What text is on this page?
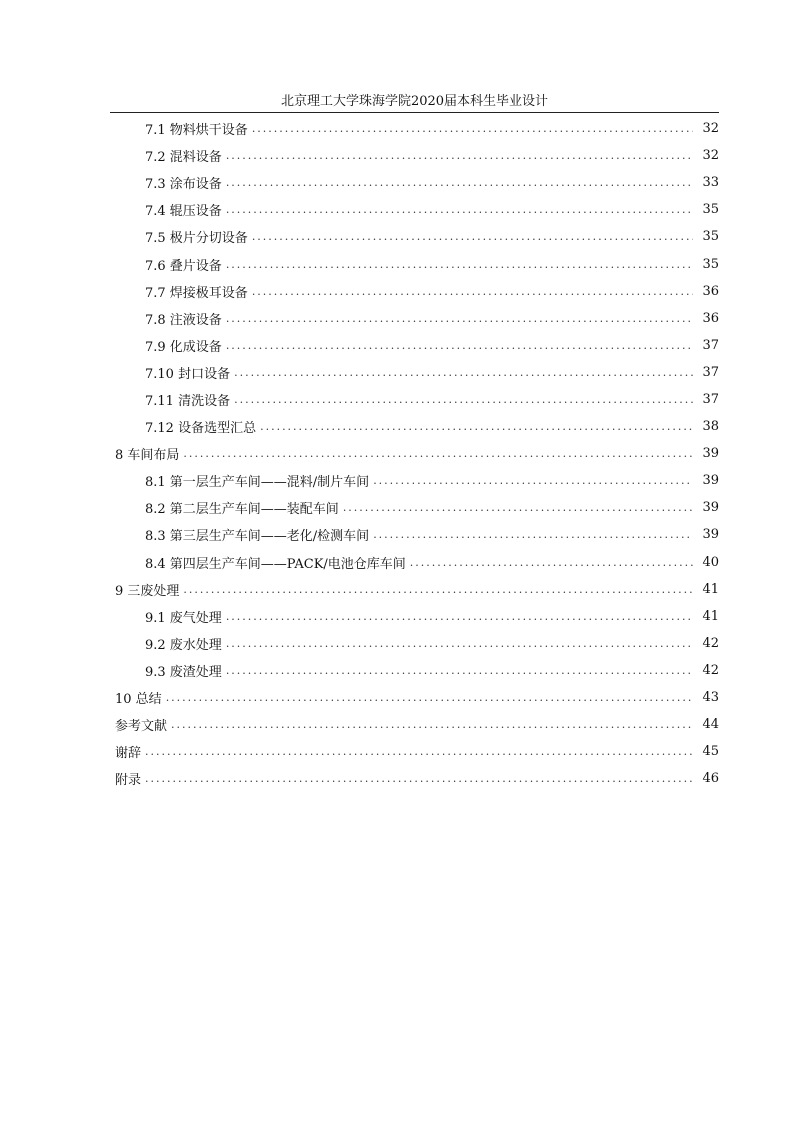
北京理工大学珠海学院2020届本科生毕业设计
7.1 物料烘干设备 .....	32
7.2 混料设备 .....	32
7.3 涂布设备 .....	33
7.4 辊压设备 .....	35
7.5 极片分切设备 .....	35
7.6 叠片设备 .....	35
7.7 焊接极耳设备 .....	36
7.8 注液设备 .....	36
7.9 化成设备 .....	37
7.10 封口设备 .....	37
7.11 清洗设备 .....	37
7.12 设备选型汇总 .....	38
8 车间布局 .....	39
8.1 第一层生产车间——混料/制片车间 .....	39
8.2 第二层生产车间——装配车间 .....	39
8.3 第三层生产车间——老化/检测车间 .....	39
8.4 第四层生产车间——PACK/电池仓库车间 .....	40
9 三废处理 .....	41
9.1 废气处理 .....	41
9.2 废水处理 .....	42
9.3 废渣处理 .....	42
10 总结 .....	43
参考文献 .....	44
谢辞 .....	45
附录 .....	46
